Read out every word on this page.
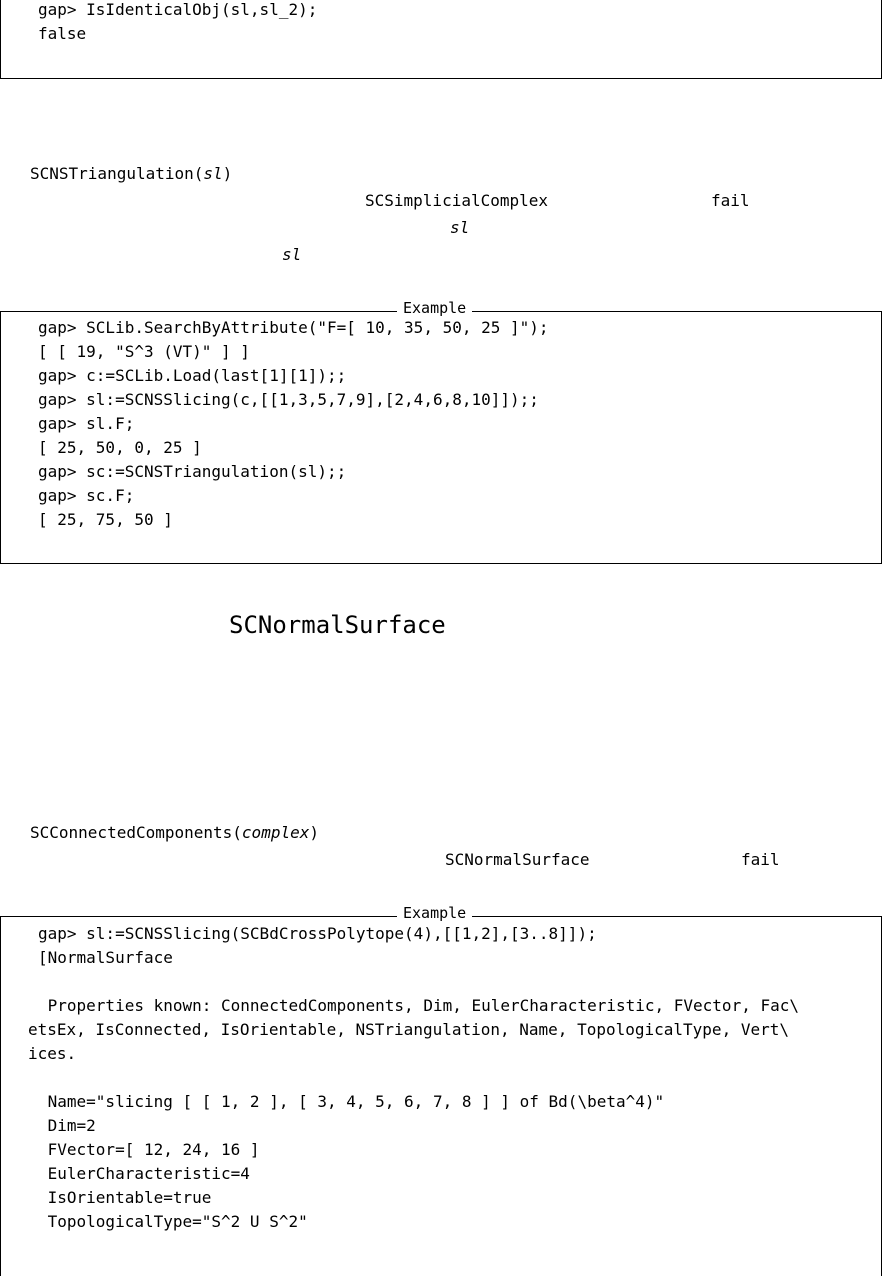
gap> IsIdenticalObj(sl,sl_2);
false
SCNSTriangulation(sl)
SCSimplicialComplex	fail
sl
sl
Example
gap> SCLib.SearchByAttribute("F=[ 10, 35, 50, 25 ]");
[ [ 19, "S^3 (VT)" ] ]
gap> c:=SCLib.Load(last[1][1]);;
gap> sl:=SCNSSlicing(c,[[1,3,5,7,9],[2,4,6,8,10]]);;
gap> sl.F;
[ 25, 50, 0, 25 ]
gap> sc:=SCNSTriangulation(sl);;
gap> sc.F;
[ 25, 75, 50 ]
SCNormalSurface
SCConnectedComponents(complex)
SCNormalSurface	fail
Example
gap> sl:=SCNSSlicing(SCBdCrossPolytope(4),[[1,2],[3..8]]);
[NormalSurface
Properties known: ConnectedComponents, Dim, EulerCharacteristic, FVector, Fac\
etsEx, IsConnected, IsOrientable, NSTriangulation, Name, TopologicalType, Vert\
ices.
Name="slicing [ [ 1, 2 ], [ 3, 4, 5, 6, 7, 8 ] ] of Bd(\beta^4)"
Dim=2
FVector=[ 12, 24, 16 ]
EulerCharacteristic=4
IsOrientable=true
TopologicalType="S^2 U S^2"
